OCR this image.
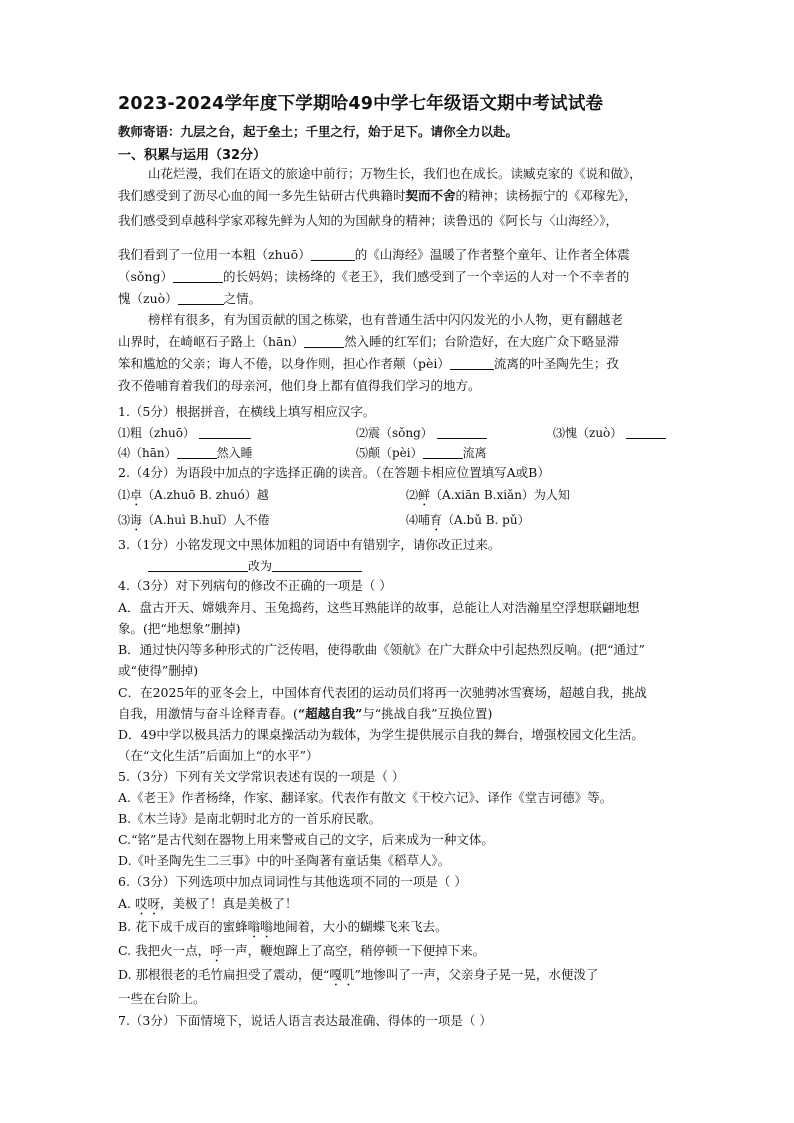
2023-2024学年度下学期哈49中学七年级语文期中考试试卷
教师寄语：九层之台，起于垒土；千里之行，始于足下。请你全力以赴。
一、积累与运用（32分）
山花烂漫，我们在语文的旅途中前行；万物生长，我们也在成长。读臧克家的《说和做》，
我们感受到了沥尽心血的闻一多先生钻研古代典籍时契而不舍的精神；读杨振宁的《邓稼先》，
我们感受到卓越科学家邓稼先鲜为人知的为国献身的精神；读鲁迅的《阿长与〈山海经〉》，
我们看到了一位用一本粗（zhuō）	的《山海经》温暖了作者整个童年、让作者全体震
（sǒng）	的长妈妈；读杨绛的《老王》，我们感受到了一个幸运的人对一个不幸者的
愧（zuò）	之情。
榜样有很多，有为国贡献的国之栋梁，也有普通生活中闪闪发光的小人物，更有翻越老
山界时，在崎岖石子路上（hān）	然入睡的红军们；台阶造好，在大庭广众下略显滞
笨和尴尬的父亲；诲人不倦，以身作则，担心作者颠（pèi）	流离的叶圣陶先生；孜
孜不倦哺育着我们的母亲河，他们身上都有值得我们学习的地方。
1.（5分）根据拼音，在横线上填写相应汉字。
⑴粗（zhuō）	⑵震（sǒng）	⑶愧（zuò）
⑷（hān）	然入睡	⑸颠（pèi）	流离
2.（4分）为语段中加点的字选择正确的读音。（在答题卡相应位置填写A或B）
⑴卓（A.zhuō B. zhuó）越	⑵鲜（A.xiān B.xiǎn）为人知
⑶诲（A.huì B.huǐ）人不倦	⑷哺育（A.bǔ B. pǔ）
3.（1分）小铭发现文中黑体加粗的词语中有错别字，请你改正过来。
改为
4.（3分）对下列病句的修改不正确的一项是（ ）
A．盘古开天、嫦娥奔月、玉兔捣药，这些耳熟能详的故事，总能让人对浩瀚星空浮想联翩地想
象。(把“地想象”删掉)
B．通过快闪等多种形式的广泛传唱，使得歌曲《领航》在广大群众中引起热烈反响。(把“通过”
或“使得”删掉)
C．在2025年的亚冬会上，中国体育代表团的运动员们将再一次驰骋冰雪赛场，超越自我，挑战
自我，用激情与奋斗诠释青春。(“超越自我”与“挑战自我”互换位置)
D．49中学以极具活力的课桌操活动为载体，为学生提供展示自我的舞台，增强校园文化生活。
（在“文化生活”后面加上“的水平”）
5.（3分）下列有关文学常识表述有误的一项是（ ）
A.《老王》作者杨绛，作家、翻译家。代表作有散文《干校六记》、译作《堂吉诃德》等。
B.《木兰诗》是南北朝时北方的一首乐府民歌。
C.“铭”是古代刻在器物上用来警戒自己的文字，后来成为一种文体。
D.《叶圣陶先生二三事》中的叶圣陶著有童话集《稻草人》。
6.（3分）下列选项中加点词词性与其他选项不同的一项是（ ）
A. 哎呀，美极了！真是美极了！
B. 花下成千成百的蜜蜂嗡嗡地闹着，大小的蝴蝶飞来飞去。
C. 我把火一点，呼一声，鞭炮蹿上了高空，稍停顿一下便掉下来。
D. 那根很老的毛竹扁担受了震动，便“嘎叽”地惨叫了一声，父亲身子晃一晃，水便泼了
一些在台阶上。
7.（3分）下面情境下，说话人语言表达最准确、得体的一项是（ ）
